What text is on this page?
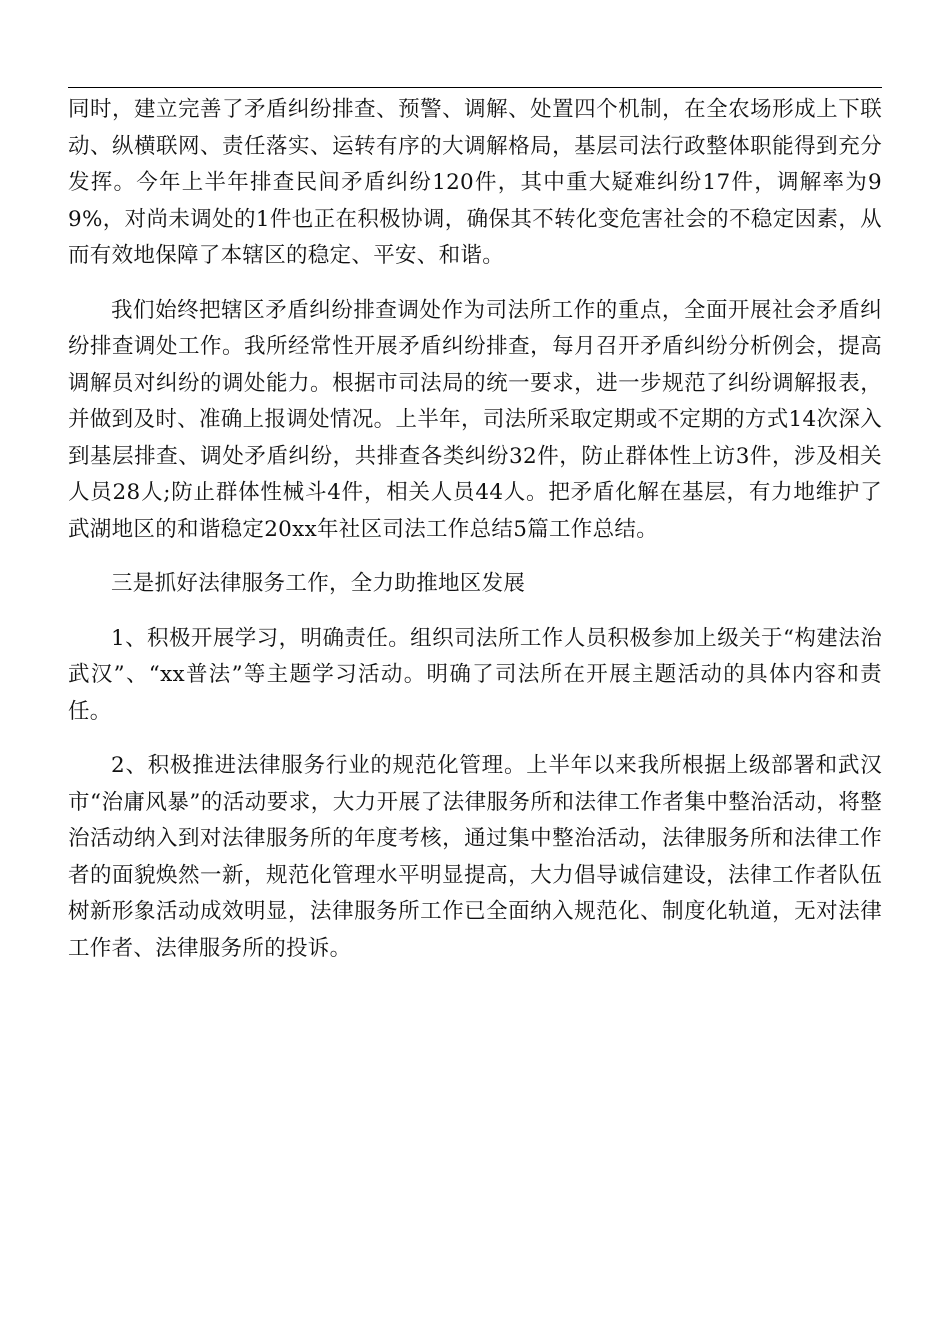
同时，建立完善了矛盾纠纷排查、预警、调解、处置四个机制，在全农场形成上下联动、纵横联网、责任落实、运转有序的大调解格局，基层司法行政整体职能得到充分发挥。今年上半年排查民间矛盾纠纷120件，其中重大疑难纠纷17件，调解率为99%，对尚未调处的1件也正在积极协调，确保其不转化变危害社会的不稳定因素，从而有效地保障了本辖区的稳定、平安、和谐。

我们始终把辖区矛盾纠纷排查调处作为司法所工作的重点，全面开展社会矛盾纠纷排查调处工作。我所经常性开展矛盾纠纷排查，每月召开矛盾纠纷分析例会，提高调解员对纠纷的调处能力。根据市司法局的统一要求，进一步规范了纠纷调解报表，并做到及时、准确上报调处情况。上半年，司法所采取定期或不定期的方式14次深入到基层排查、调处矛盾纠纷，共排查各类纠纷32件，防止群体性上访3件，涉及相关人员28人;防止群体性械斗4件，相关人员44人。把矛盾化解在基层，有力地维护了武湖地区的和谐稳定20xx年社区司法工作总结5篇工作总结。

三是抓好法律服务工作，全力助推地区发展

1、积极开展学习，明确责任。组织司法所工作人员积极参加上级关于“构建法治武汉”、“xx普法”等主题学习活动。明确了司法所在开展主题活动的具体内容和责任。

2、积极推进法律服务行业的规范化管理。上半年以来我所根据上级部署和武汉市“治庸风暴”的活动要求，大力开展了法律服务所和法律工作者集中整治活动，将整治活动纳入到对法律服务所的年度考核，通过集中整治活动，法律服务所和法律工作者的面貌焕然一新，规范化管理水平明显提高，大力倡导诚信建设，法律工作者队伍树新形象活动成效明显，法律服务所工作已全面纳入规范化、制度化轨道，无对法律工作者、法律服务所的投诉。
